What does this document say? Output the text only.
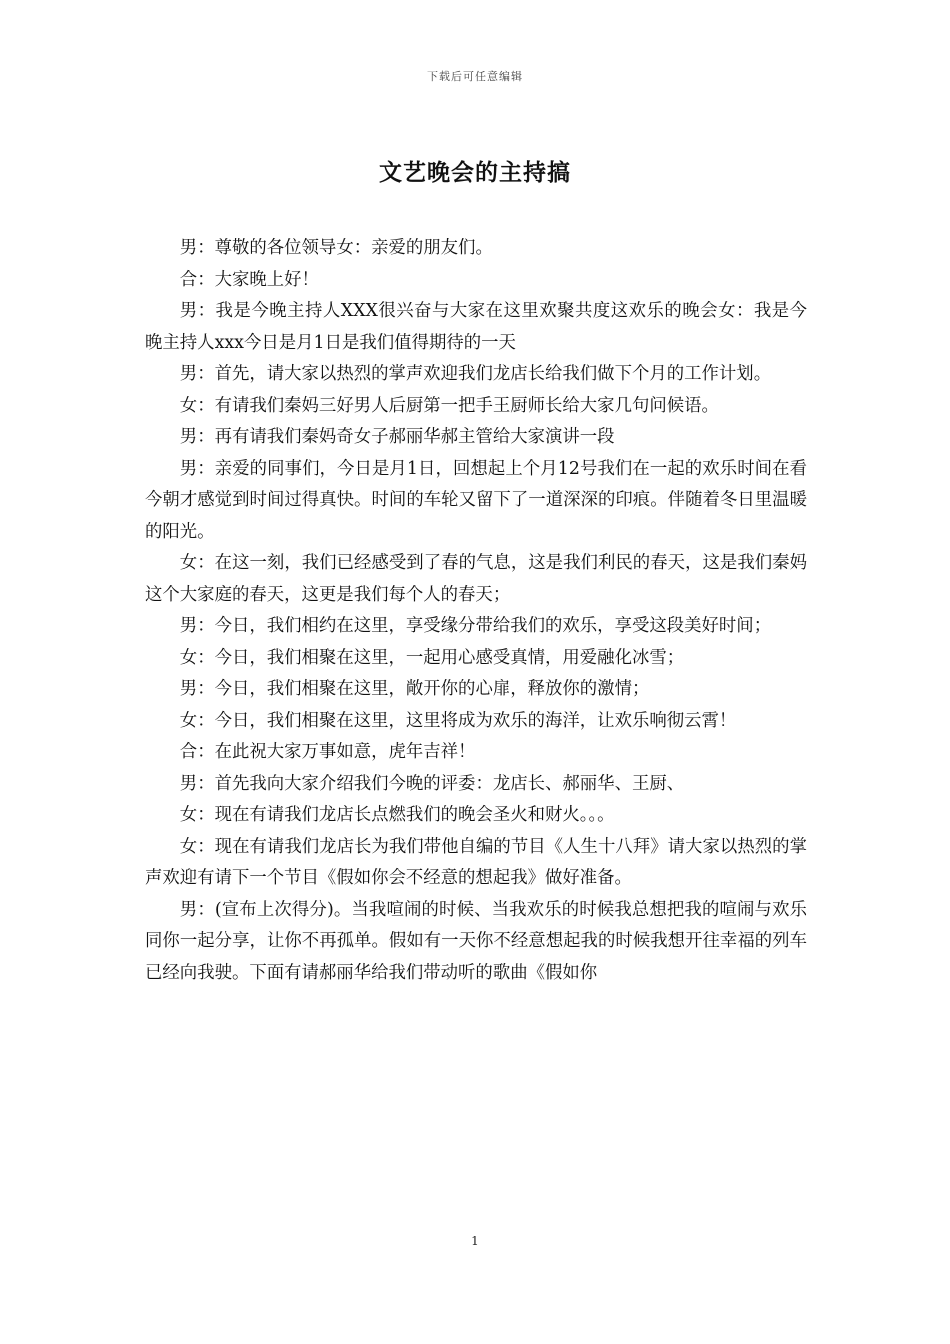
下载后可任意编辑
文艺晚会的主持搞

男：尊敬的各位领导女：亲爱的朋友们。

合：大家晚上好！

男：我是今晚主持人XXX很兴奋与大家在这里欢聚共度这欢乐的晚会女：我是今晚主持人xxx今日是月1日是我们值得期待的一天

男：首先，请大家以热烈的掌声欢迎我们龙店长给我们做下个月的工作计划。

女：有请我们秦妈三好男人后厨第一把手王厨师长给大家几句问候语。

男：再有请我们秦妈奇女子郝丽华郝主管给大家演讲一段

男：亲爱的同事们，今日是月1日，回想起上个月12号我们在一起的欢乐时间在看今朝才感觉到时间过得真快。时间的车轮又留下了一道深深的印痕。伴随着冬日里温暖的阳光。

女：在这一刻，我们已经感受到了春的气息，这是我们利民的春天，这是我们秦妈这个大家庭的春天，这更是我们每个人的春天；

男：今日，我们相约在这里，享受缘分带给我们的欢乐，享受这段美好时间；

女：今日，我们相聚在这里，一起用心感受真情，用爱融化冰雪；

男：今日，我们相聚在这里，敞开你的心扉，释放你的激情；

女：今日，我们相聚在这里，这里将成为欢乐的海洋，让欢乐响彻云霄！

合：在此祝大家万事如意，虎年吉祥！

男：首先我向大家介绍我们今晚的评委：龙店长、郝丽华、王厨、

女：现在有请我们龙店长点燃我们的晚会圣火和财火。。。

女：现在有请我们龙店长为我们带他自编的节目《人生十八拜》请大家以热烈的掌声欢迎有请下一个节目《假如你会不经意的想起我》做好准备。

男：(宣布上次得分)。当我喧闹的时候、当我欢乐的时候我总想把我的喧闹与欢乐同你一起分享，让你不再孤单。假如有一天你不经意想起我的时候我想开往幸福的列车已经向我驶。下面有请郝丽华给我们带动听的歌曲《假如你

1
